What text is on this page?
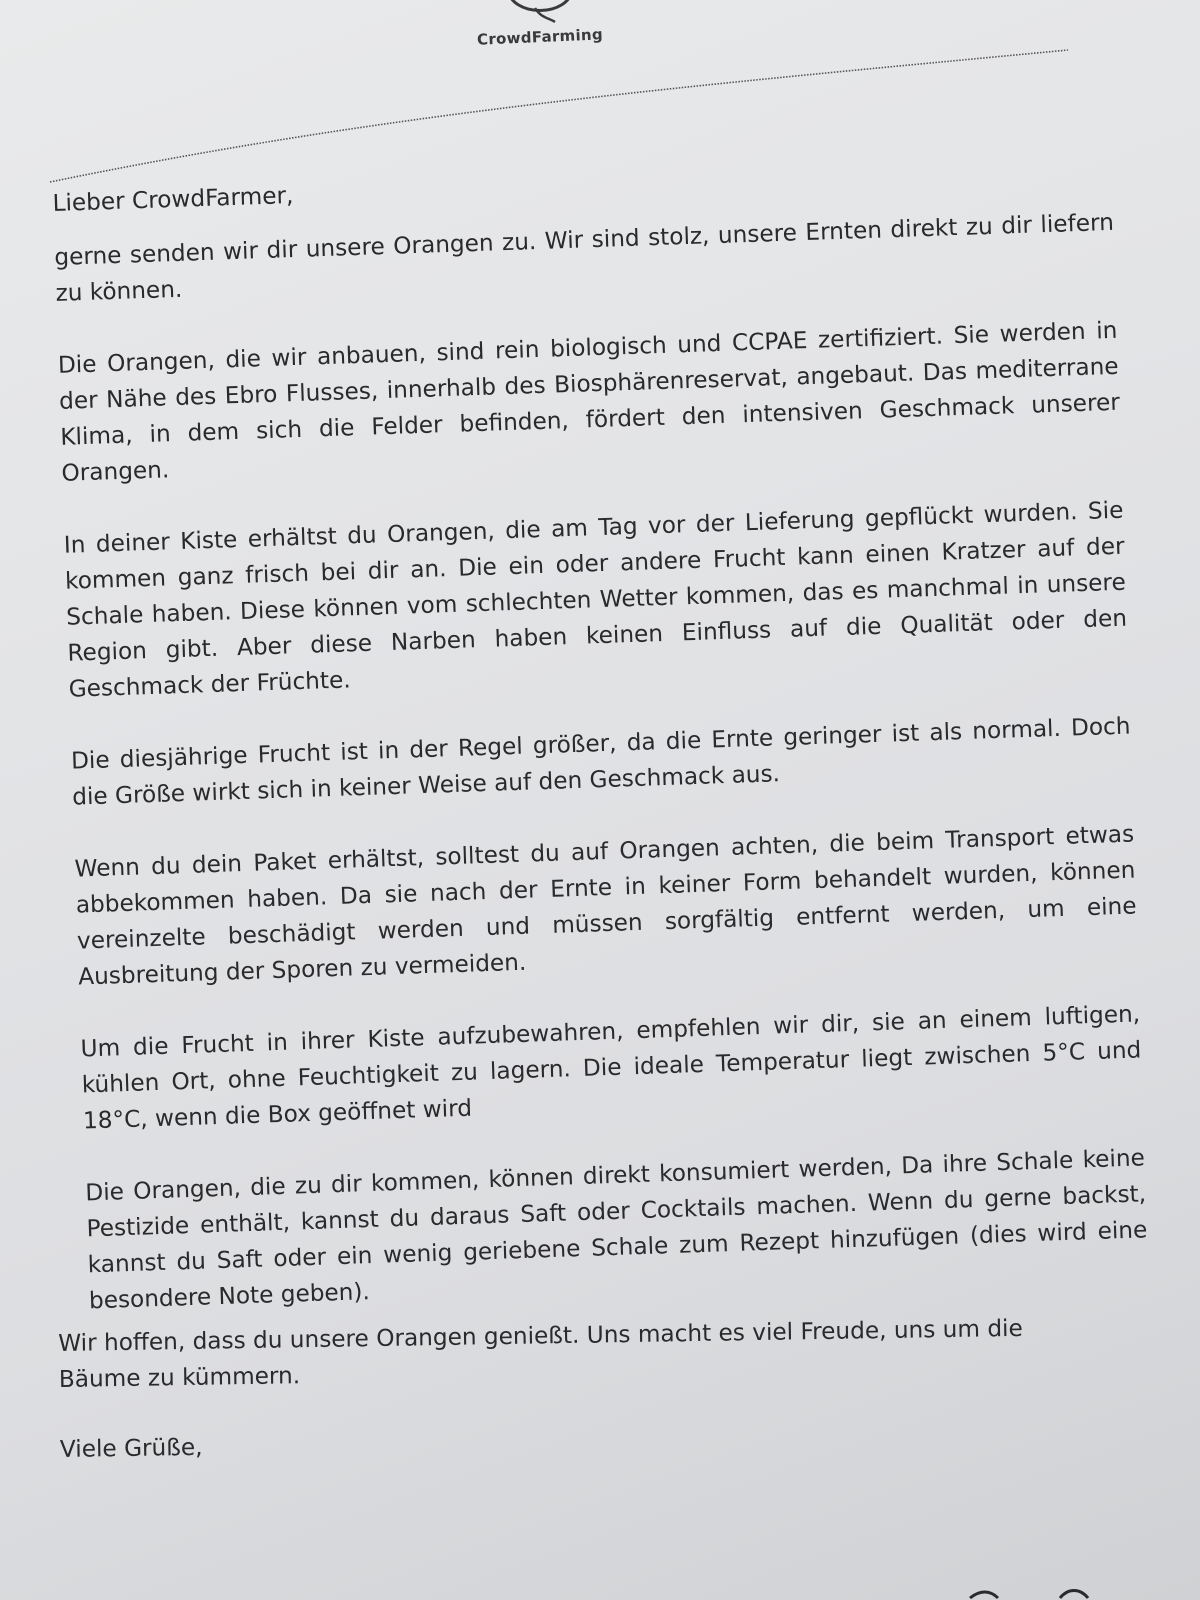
CrowdFarming

Lieber CrowdFarmer,

gerne senden wir dir unsere Orangen zu. Wir sind stolz, unsere Ernten direkt zu dir liefern zu können.

Die Orangen, die wir anbauen, sind rein biologisch und CCPAE zertifiziert. Sie werden in der Nähe des Ebro Flusses, innerhalb des Biosphärenreservat, angebaut. Das mediterrane Klima, in dem sich die Felder befinden, fördert den intensiven Geschmack unserer Orangen.

In deiner Kiste erhältst du Orangen, die am Tag vor der Lieferung gepflückt wurden. Sie kommen ganz frisch bei dir an. Die ein oder andere Frucht kann einen Kratzer auf der Schale haben. Diese können vom schlechten Wetter kommen, das es manchmal in unsere Region gibt. Aber diese Narben haben keinen Einfluss auf die Qualität oder den Geschmack der Früchte.

Die diesjährige Frucht ist in der Regel größer, da die Ernte geringer ist als normal. Doch die Größe wirkt sich in keiner Weise auf den Geschmack aus.

Wenn du dein Paket erhältst, solltest du auf Orangen achten, die beim Transport etwas abbekommen haben. Da sie nach der Ernte in keiner Form behandelt wurden, können vereinzelte beschädigt werden und müssen sorgfältig entfernt werden, um eine Ausbreitung der Sporen zu vermeiden.

Um die Frucht in ihrer Kiste aufzubewahren, empfehlen wir dir, sie an einem luftigen, kühlen Ort, ohne Feuchtigkeit zu lagern. Die ideale Temperatur liegt zwischen 5°C und 18°C, wenn die Box geöffnet wird

Die Orangen, die zu dir kommen, können direkt konsumiert werden, Da ihre Schale keine Pestizide enthält, kannst du daraus Saft oder Cocktails machen. Wenn du gerne backst, kannst du Saft oder ein wenig geriebene Schale zum Rezept hinzufügen (dies wird eine besondere Note geben).

Wir hoffen, dass du unsere Orangen genießt. Uns macht es viel Freude, uns um die Bäume zu kümmern.

Viele Grüße,
